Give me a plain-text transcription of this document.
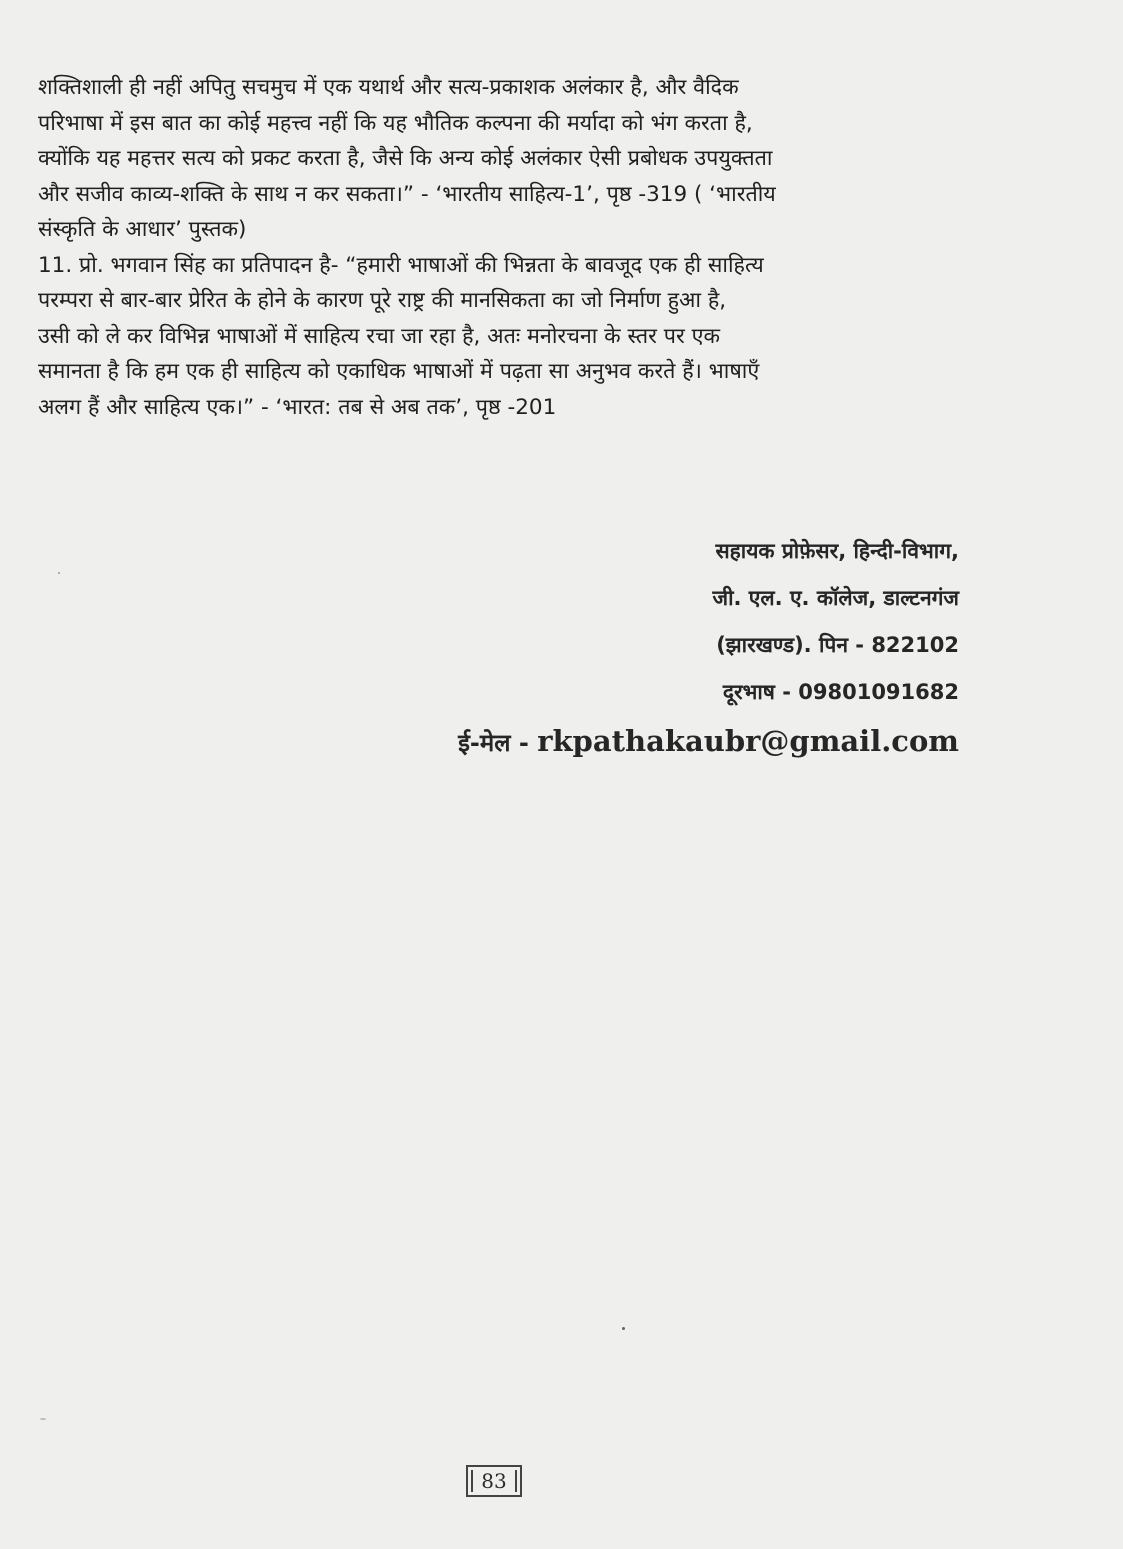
शक्तिशाली ही नहीं अपितु सचमुच में एक यथार्थ और सत्य-प्रकाशक अलंकार है, और वैदिक
परिभाषा में इस बात का कोई महत्त्व नहीं कि यह भौतिक कल्पना की मर्यादा को भंग करता है,
क्योंकि यह महत्तर सत्य को प्रकट करता है, जैसे कि अन्य कोई अलंकार ऐसी प्रबोधक उपयुक्तता
और सजीव काव्य-शक्ति के साथ न कर सकता।” - ‘भारतीय साहित्य-1’, पृष्ठ -319 ( ‘भारतीय
संस्कृति के आधार’ पुस्तक)
11. प्रो. भगवान सिंह का प्रतिपादन है- “हमारी भाषाओं की भिन्नता के बावजूद एक ही साहित्य
परम्परा से बार-बार प्रेरित के होने के कारण पूरे राष्ट्र की मानसिकता का जो निर्माण हुआ है,
उसी को ले कर विभिन्न भाषाओं में साहित्य रचा जा रहा है, अतः मनोरचना के स्तर पर एक
समानता है कि हम एक ही साहित्य को एकाधिक भाषाओं में पढ़ता सा अनुभव करते हैं। भाषाएँ
अलग हैं और साहित्य एक।” - ‘भारत: तब से अब तक’, पृष्ठ -201
सहायक प्रोफ़ेसर, हिन्दी-विभाग,
जी. एल. ए. कॉलेज, डाल्टनगंज
(झारखण्ड). पिन - 822102
दूरभाष - 09801091682
ई-मेल - rkpathakaubr@gmail.com
83
